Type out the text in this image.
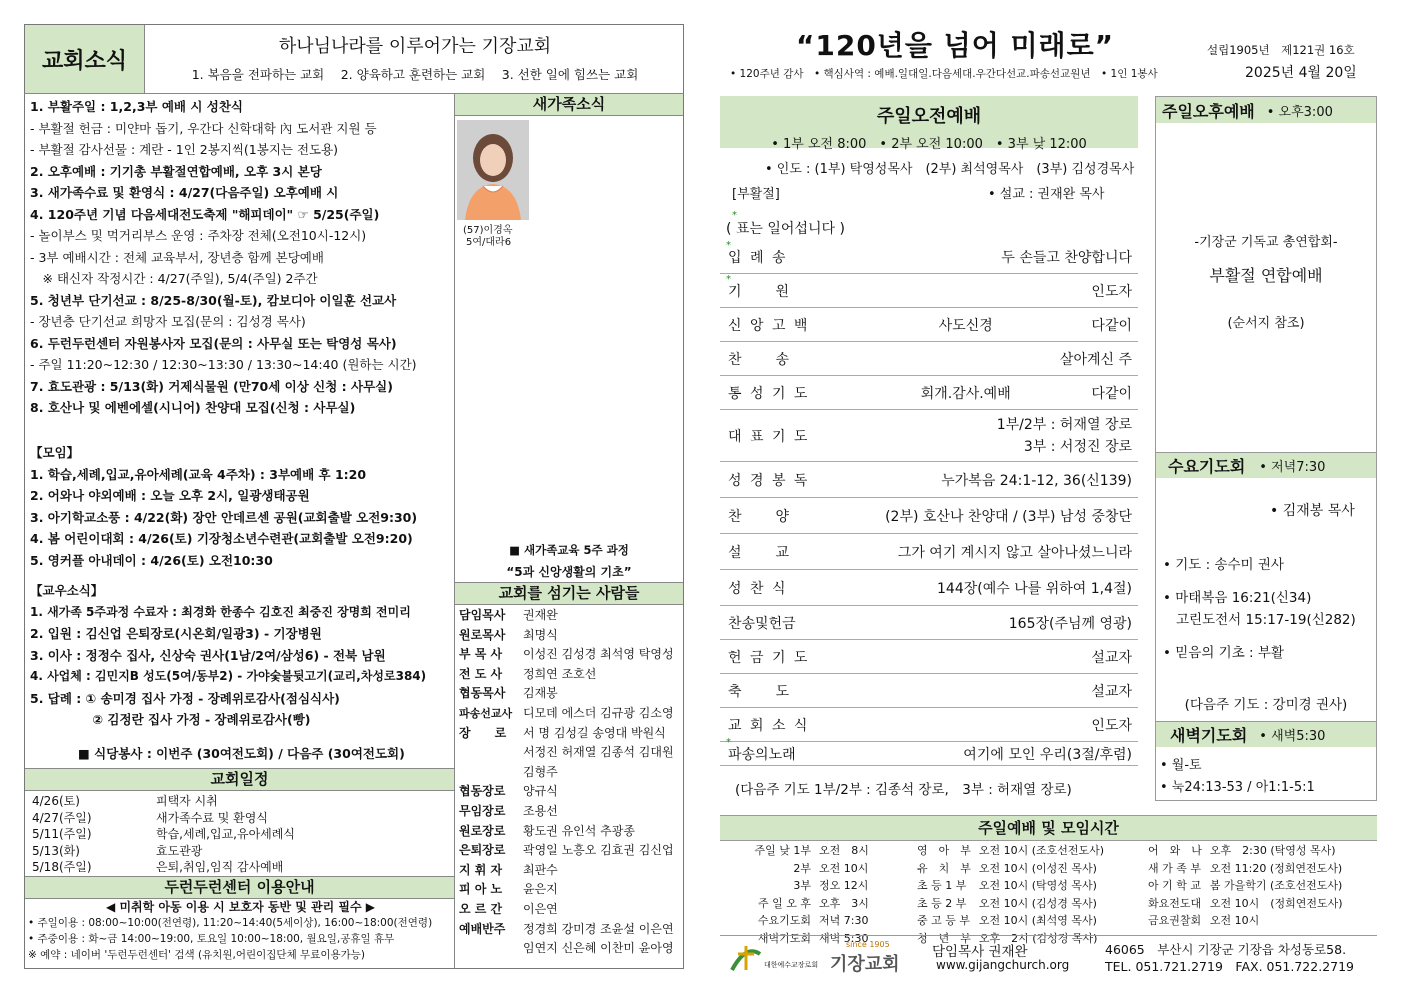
교회소식
하나님나라를 이루어가는 기장교회
1. 복음을 전파하는 교회　 2. 양육하고 훈련하는 교회　 3. 선한 일에 힘쓰는 교회
1. 부활주일 : 1,2,3부 예배 시 성찬식
- 부활절 헌금 : 미얀마 돕기, 우간다 신학대학 內 도서관 지원 등
- 부활절 감사선물 : 계란 - 1인 2봉지씩(1봉지는 전도용)
2. 오후예배 : 기기총 부활절연합예배, 오후 3시 본당
3. 새가족수료 및 환영식 : 4/27(다음주일) 오후예배 시
4. 120주년 기념 다음세대전도축제 "해피데이" ☞ 5/25(주일)
- 놀이부스 및 먹거리부스 운영 : 주차장 전체(오전10시-12시)
- 3부 예배시간 : 전체 교육부서, 장년층 함께 본당예배
　※ 태신자 작정시간 : 4/27(주일), 5/4(주일) 2주간
5. 청년부 단기선교 : 8/25-8/30(월-토), 캄보디아 이일훈 선교사
- 장년층 단기선교 희망자 모집(문의 : 김성경 목사)
6. 두런두런센터 자원봉사자 모집(문의 : 사무실 또는 탁영성 목사)
- 주일 11:20~12:30 / 12:30~13:30 / 13:30~14:40 (원하는 시간)
7. 효도관광 : 5/13(화) 거제식물원 (만70세 이상 신청 : 사무실)
8. 호산나 및 에벤에셀(시니어) 찬양대 모집(신청 : 사무실)
【모임】
1. 학습,세례,입교,유아세례(교육 4주차) : 3부예배 후 1:20
2. 어와나 야외예배 : 오늘 오후 2시, 일광생태공원
3. 아기학교소풍 : 4/22(화) 장안 안데르센 공원(교회출발 오전9:30)
4. 봄 어린이대회 : 4/26(토) 기장청소년수련관(교회출발 오전9:20)
5. 영커플 아내데이 : 4/26(토) 오전10:30
【교우소식】
1. 새가족 5주과정 수료자 : 최경화 한종수 김호진 최중진 장명희 전미리
2. 입원 : 김신업 은퇴장로(시온회/일광3) - 기장병원
3. 이사 : 정정수 집사, 신상숙 권사(1남/2여/삼성6) - 전북 남원
4. 사업체 : 김민지B 성도(5여/동부2) - 가야숯불뒷고기(교리,차성로384)
5. 답례 : ① 송미경 집사 가정 - 장례위로감사(점심식사)
　　　　　② 김정란 집사 가정 - 장례위로감사(빵)
■ 식당봉사 : 이번주 (30여전도회) / 다음주 (30여전도회)
교회일정
4/26(토)	피택자 시취
4/27(주일)	새가족수료 및 환영식
5/11(주일)	학습,세례,입교,유아세례식
5/13(화)	효도관광
5/18(주일)	은퇴,취임,임직 감사예배
두런두런센터 이용안내
◀ 미취학 아동 이용 시 보호자 동반 및 관리 필수 ▶
• 주일이용 : 08:00~10:00(전연령), 11:20~14:40(5세이상), 16:00~18:00(전연령)
• 주중이용 : 화~금 14:00~19:00, 토요일 10:00~18:00, 월요일,공휴일 휴무
※ 예약 : 네이버 '두런두런센터' 검색 (유치원,어린이집단체 무료이용가능)
새가족소식
(57)이경옥
5여/대라6
■ 새가족교육 5주 과정
“5과 신앙생활의 기초”
교회를 섬기는 사람들
담임목사	권재완
원로목사	최명식
부 목 사	이성진 김성경 최석영 탁영성
전 도 사	정희연 조호선
협동목사	김재봉
파송선교사 디모데 에스더 김규광 김소영
장　　로	서 명 김성길 송영대 박원식
서정진 허재열 김종석 김대원
김형주
협동장로	양규식
무임장로	조용선
원로장로	황도권 유인석 추광종
은퇴장로	곽영일 노흥오 김효권 김신업
지 휘 자	최판수
피 아 노	윤은지
오 르 간	이은연
예배반주	정경희 강미경 조윤설 이은연
임연지 신은혜 이찬미 윤아영
“120년을 넘어 미래로”	설립1905년　제121권 16호
• 120주년 감사　• 핵심사역 : 예배.일대일.다음세대.우간다선교.파송선교원년　• 1인 1봉사	2025년 4월 20일
주일오전예배
• 1부 오전 8:00　• 2부 오전 10:00　• 3부 낮 12:00
• 인도 : (1부) 탁영성목사　(2부) 최석영목사　(3부) 김성경목사
[부활절]	• 설교 : 권재완 목사
*
( 표는 일어섭니다 )
*
입 례 송	두 손들고 찬양합니다
*
기　　원	인도자
신 앙 고 백	사도신경	다같이
찬　　송	살아계신 주
통 성 기 도	회개.감사.예배	다같이
대 표 기 도
1부/2부 : 허재열 장로
3부 : 서정진 장로
성 경 봉 독	누가복음 24:1-12, 36(신139)
찬　　양	(2부) 호산나 찬양대 / (3부) 남성 중창단
설　　교	그가 여기 계시지 않고 살아나셨느니라
성 찬 식	144장(예수 나를 위하여 1,4절)
찬송및헌금	165장(주님께 영광)
헌 금 기 도	설교자
축　　도	설교자
교 회 소 식	인도자
*
파송의노래	여기에 모인 우리(3절/후렴)
(다음주 기도 1부/2부 : 김종석 장로,　3부 : 허재열 장로)
주일오후예배 • 오후3:00
-기장군 기독교 총연합회-
부활절 연합예배
(순서지 참조)
수요기도회 • 저녁7:30
• 김재봉 목사
• 기도 : 송수미 권사
• 마태복음 16:21(신34)
고린도전서 15:17-19(신282)
• 믿음의 기초 : 부활
(다음주 기도 : 강미경 권사)
새벽기도회 • 새벽5:30
• 월-토
• 눅24:13-53 / 아1:1-5:1
주일예배 및 모임시간
주일 낮 1부	오전　8시
2부	오전 10시
3부	정오 12시
주 일 오 후	오후　3시
수요기도회	저녁 7:30
새벽기도회	새벽 5:30
영　아　부	오전 10시 (조호선전도사)
유　치　부	오전 10시 (이성진 목사)
초 등 1 부	오전 10시 (탁영성 목사)
초 등 2 부	오전 10시 (김성경 목사)
중 고 등 부	오전 10시 (최석영 목사)
청　년　부	오후　2시 (김성경 목사)
어　와　나	오후　2:30 (탁영성 목사)
새 가 족 부	오전 11:20 (정희연전도사)
아 기 학 교	봄 가을학기 (조호선전도사)
화요전도대	오전 10시　(정희연전도사)
금요권찰회	오전 10시
since 1905
대한예수교장로회 기장교회
담임목사 권재완
www.gijangchurch.org
46065　부산시 기장군 기장읍 차성동로58.
TEL. 051.721.2719　FAX. 051.722.2719
